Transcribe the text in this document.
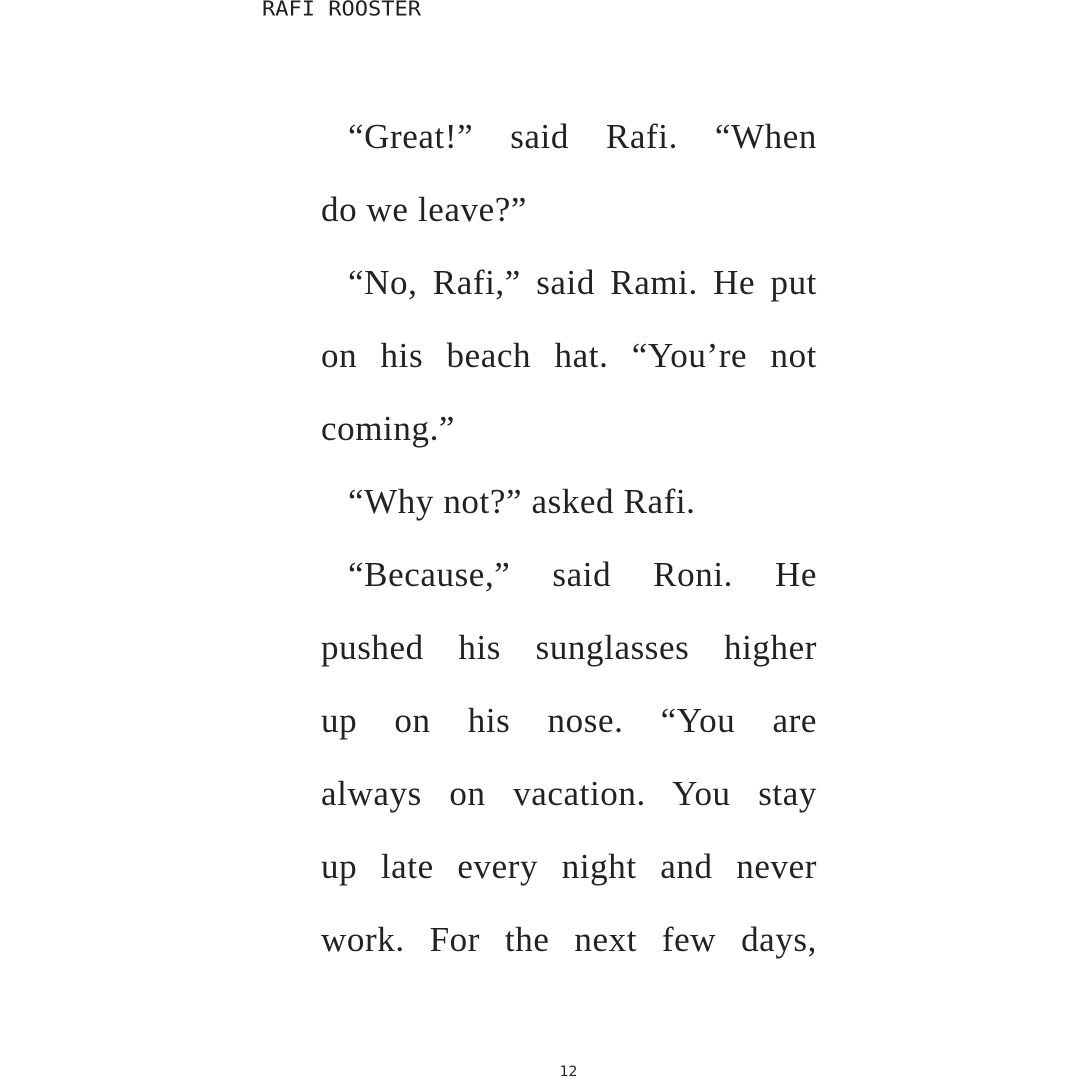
RAFI ROOSTER
“Great!” said Rafi. “When
do we leave?”
“No, Rafi,” said Rami. He put
on his beach hat. “You’re not
coming.”
“Why not?” asked Rafi.
“Because,” said Roni. He
pushed his sunglasses higher
up on his nose. “You are
always on vacation. You stay
up late every night and never
work. For the next few days,
12
